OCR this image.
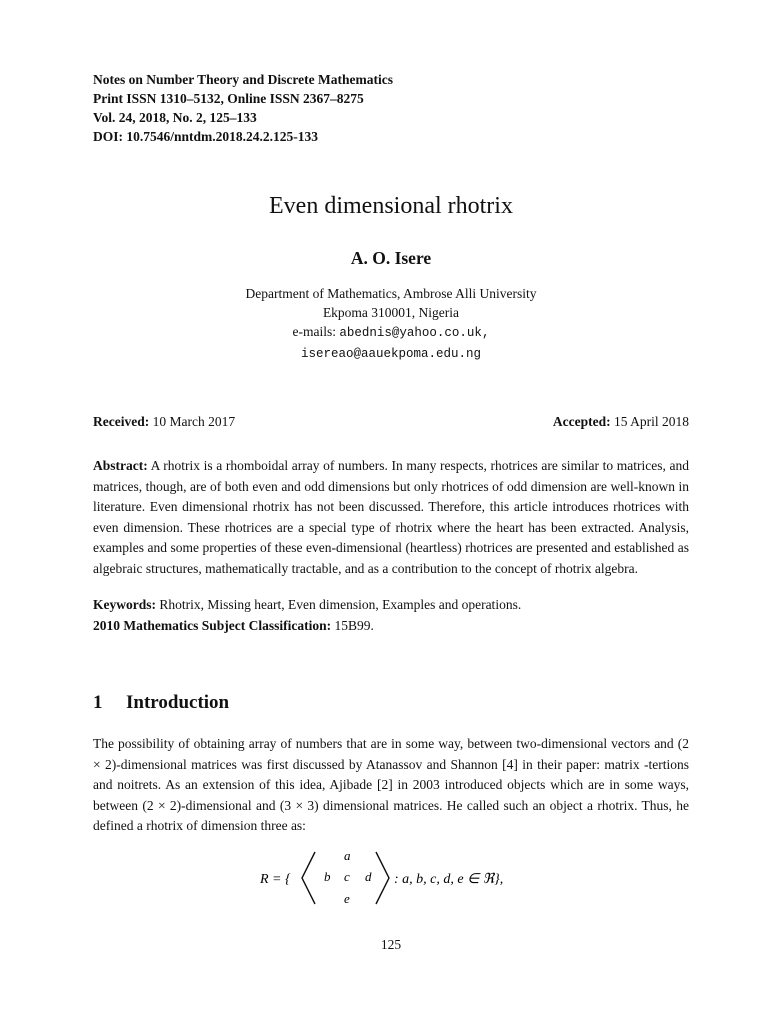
Notes on Number Theory and Discrete Mathematics
Print ISSN 1310–5132, Online ISSN 2367–8275
Vol. 24, 2018, No. 2, 125–133
DOI: 10.7546/nntdm.2018.24.2.125-133
Even dimensional rhotrix
A. O. Isere
Department of Mathematics, Ambrose Alli University
Ekpoma 310001, Nigeria
e-mails: abednis@yahoo.co.uk,
isereao@aauekpoma.edu.ng
Received: 10 March 2017	Accepted: 15 April 2018
Abstract: A rhotrix is a rhomboidal array of numbers. In many respects, rhotrices are similar to matrices, and matrices, though, are of both even and odd dimensions but only rhotrices of odd dimension are well-known in literature. Even dimensional rhotrix has not been discussed. Therefore, this article introduces rhotrices with even dimension. These rhotrices are a special type of rhotrix where the heart has been extracted. Analysis, examples and some properties of these even-dimensional (heartless) rhotrices are presented and established as algebraic structures, mathematically tractable, and as a contribution to the concept of rhotrix algebra.
Keywords: Rhotrix, Missing heart, Even dimension, Examples and operations.
2010 Mathematics Subject Classification: 15B99.
1 Introduction
The possibility of obtaining array of numbers that are in some way, between two-dimensional vectors and (2 × 2)-dimensional matrices was first discussed by Atanassov and Shannon [4] in their paper: matrix -tertions and noitrets. As an extension of this idea, Ajibade [2] in 2003 introduced objects which are in some ways, between (2 × 2)-dimensional and (3 × 3) dimensional matrices. He called such an object a rhotrix. Thus, he defined a rhotrix of dimension three as:
R = {
a
b c d
e
: a, b, c, d, e ∈ ℜ},
125
